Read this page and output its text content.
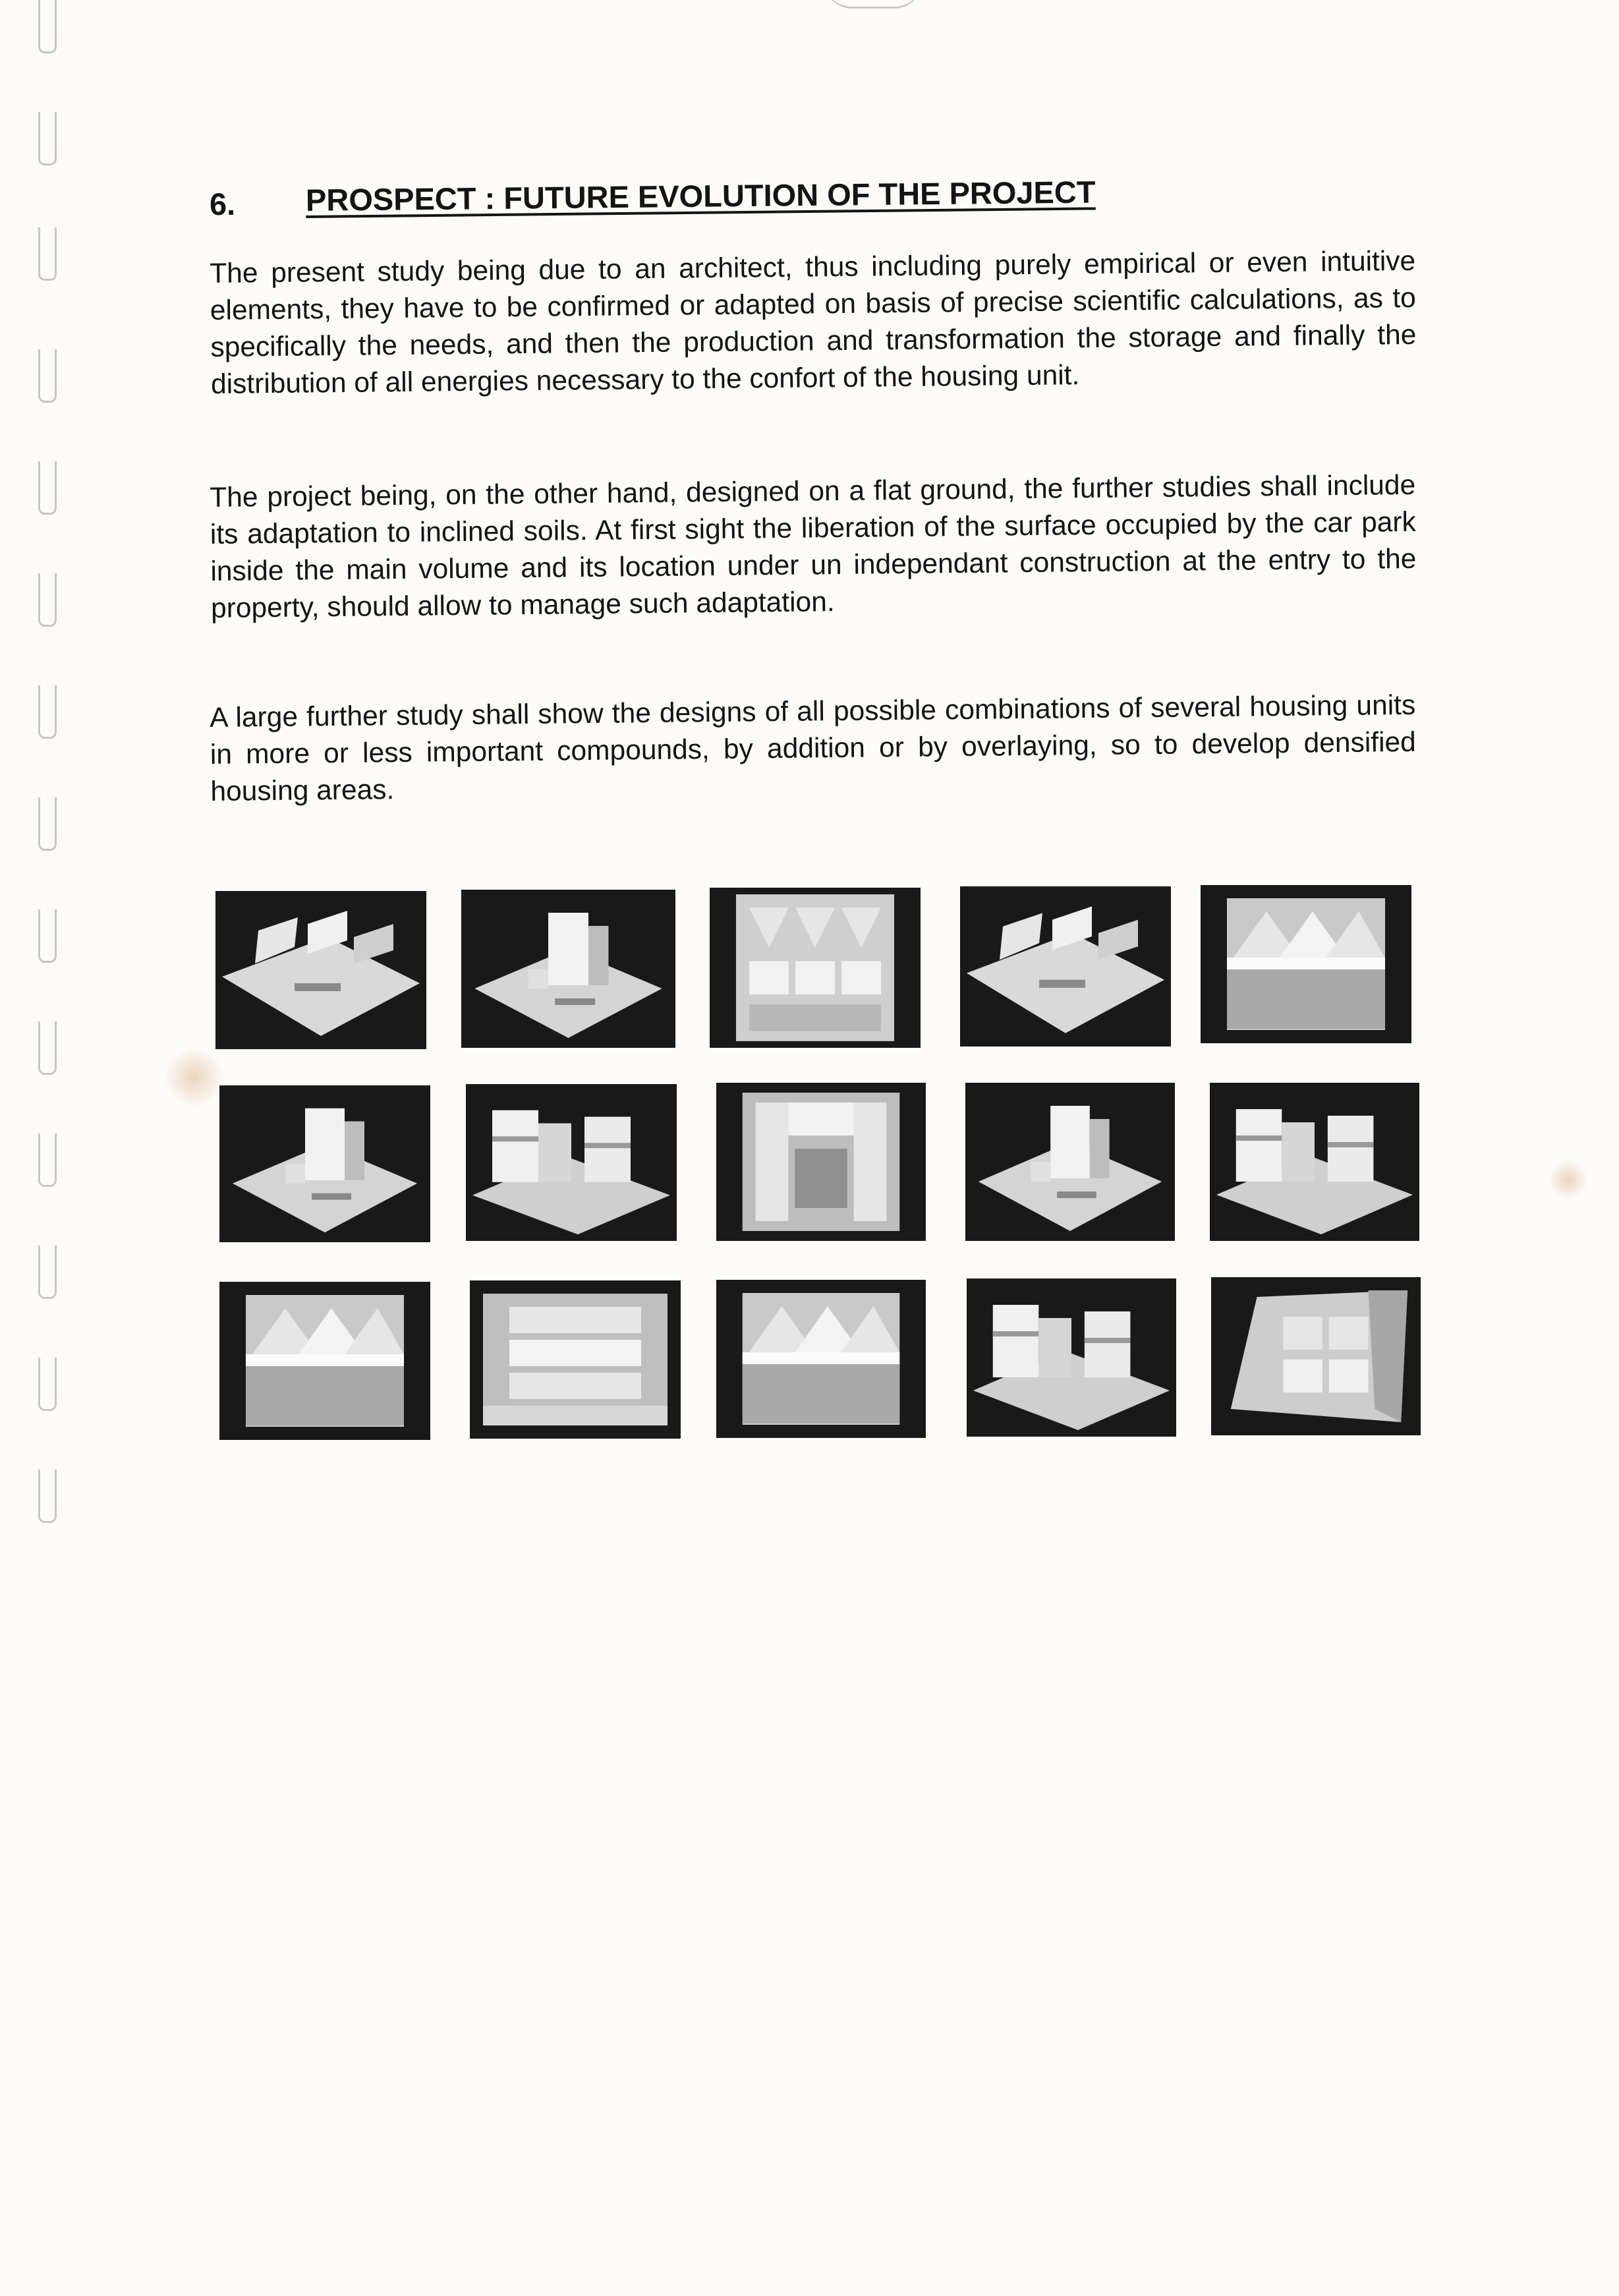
6. PROSPECT : FUTURE EVOLUTION OF THE PROJECT

The present study being due to an architect, thus including purely empirical or even intuitive elements, they have to be confirmed or adapted on basis of precise scientific calculations, as to specifically the needs, and then the production and transformation the storage and finally the distribution of all energies necessary to the confort of the housing unit.

The project being, on the other hand, designed on a flat ground, the further studies shall include its adaptation to inclined soils. At first sight the liberation of the surface occupied by the car park inside the main volume and its location under un independant construction at the entry to the property, should allow to manage such adaptation.

A large further study shall show the designs of all possible combinations of several housing units in more or less important compounds, by addition or by overlaying, so to develop densified housing areas.
